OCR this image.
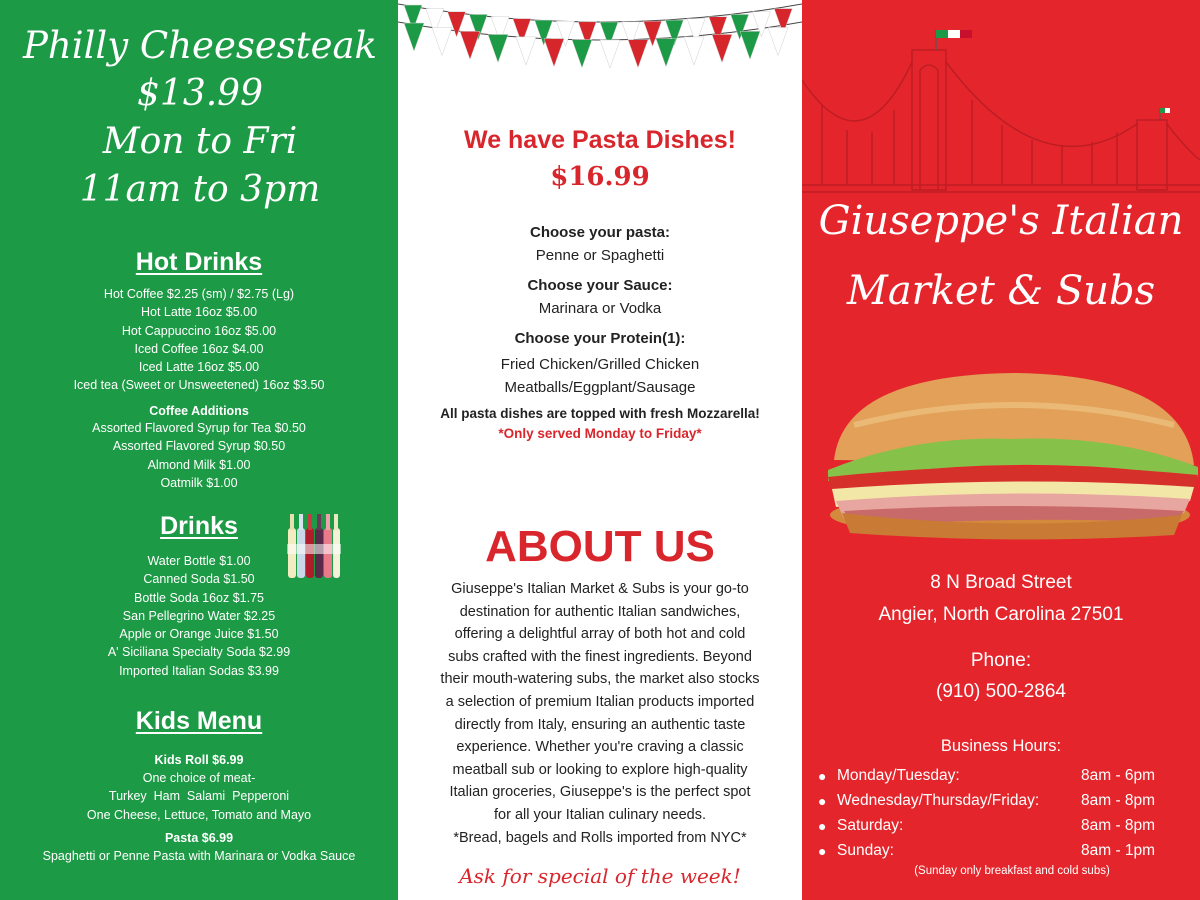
Philly Cheesesteak
$13.99
Mon to Fri
11am to 3pm
Hot Drinks
Hot Coffee $2.25 (sm) / $2.75 (Lg)
Hot Latte 16oz $5.00
Hot Cappuccino 16oz $5.00
Iced Coffee 16oz $4.00
Iced Latte 16oz $5.00
Iced tea (Sweet or Unsweetened) 16oz $3.50
Coffee Additions
Assorted Flavored Syrup for Tea $0.50
Assorted Flavored Syrup $0.50
Almond Milk $1.00
Oatmilk $1.00
Drinks
Water Bottle $1.00
Canned Soda $1.50
Bottle Soda 16oz $1.75
San Pellegrino Water $2.25
Apple or Orange Juice $1.50
A' Siciliana Specialty Soda $2.99
Imported Italian Sodas $3.99
Kids Menu
Kids Roll $6.99
One choice of meat-
Turkey  Ham  Salami  Pepperoni
One Cheese, Lettuce, Tomato and Mayo
Pasta $6.99
Spaghetti or Penne Pasta with Marinara or Vodka Sauce
We have Pasta Dishes!
$16.99
Choose your pasta:
Penne or Spaghetti
Choose your Sauce:
Marinara or Vodka
Choose your Protein(1):
Fried Chicken/Grilled Chicken
Meatballs/Eggplant/Sausage
All pasta dishes are topped with fresh Mozzarella!
*Only served Monday to Friday*
ABOUT US
Giuseppe's Italian Market & Subs is your go-to
destination for authentic Italian sandwiches,
offering a delightful array of both hot and cold
subs crafted with the finest ingredients. Beyond
their mouth-watering subs, the market also stocks
a selection of premium Italian products imported
directly from Italy, ensuring an authentic taste
experience. Whether you're craving a classic
meatball sub or looking to explore high-quality
Italian groceries, Giuseppe's is the perfect spot
for all your Italian culinary needs.
*Bread, bagels and Rolls imported from NYC*
Ask for special of the week!
Giuseppe's Italian
Market & Subs
8 N Broad Street
Angier, North Carolina 27501
Phone:
(910) 500-2864
Business Hours:
● Monday/Tuesday:	8am - 6pm
● Wednesday/Thursday/Friday:	8am - 8pm
● Saturday:	8am - 8pm
● Sunday:	8am - 1pm
(Sunday only breakfast and cold subs)
